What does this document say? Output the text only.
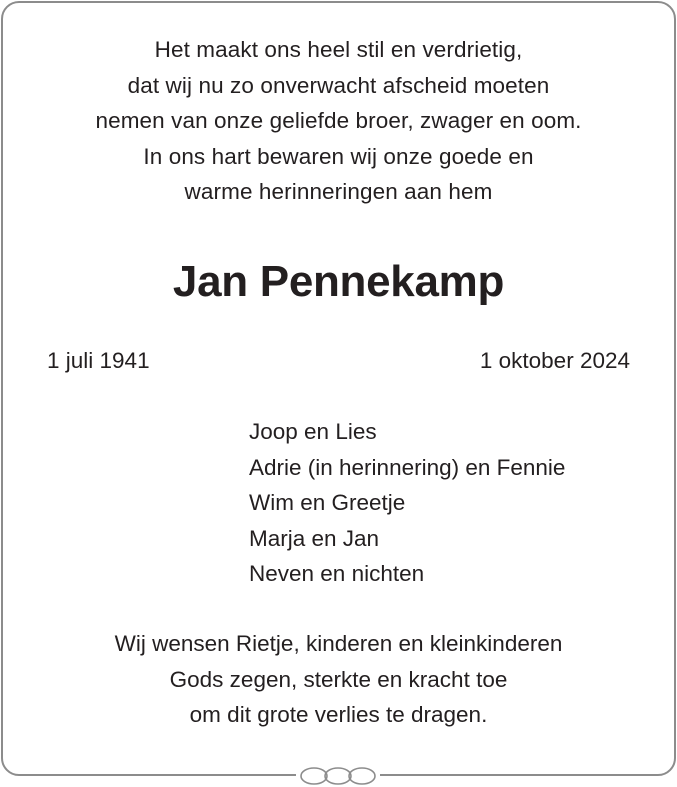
Het maakt ons heel stil en verdrietig,
dat wij nu zo onverwacht afscheid moeten
nemen van onze geliefde broer, zwager en oom.
In ons hart bewaren wij onze goede en
warme herinneringen aan hem
Jan Pennekamp
1 juli 1941	1 oktober 2024
Joop en Lies
Adrie (in herinnering) en Fennie
Wim en Greetje
Marja en Jan
Neven en nichten
Wij wensen Rietje, kinderen en kleinkinderen
Gods zegen, sterkte en kracht toe
om dit grote verlies te dragen.
